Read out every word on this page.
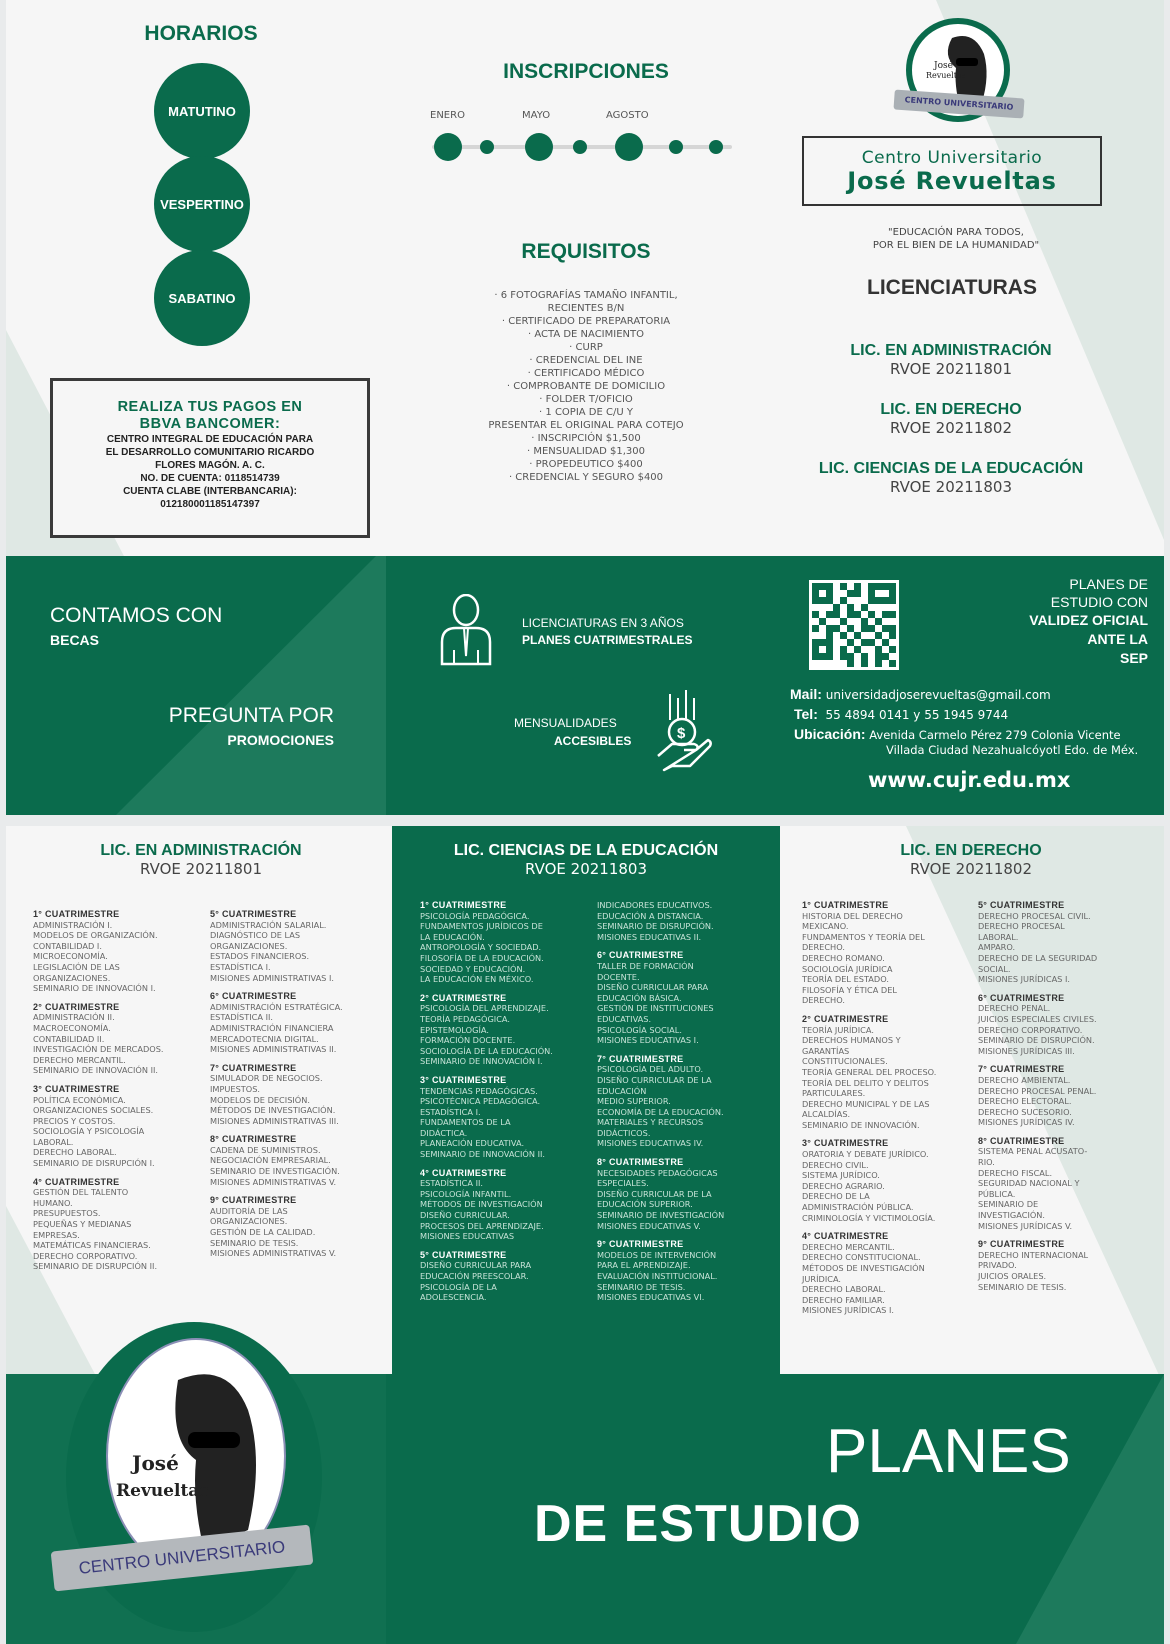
HORARIOS
MATUTINO
VESPERTINO
SABATINO
REALIZA TUS PAGOS EN
BBVA BANCOMER:
CENTRO INTEGRAL DE EDUCACIÓN PARA
EL DESARROLLO COMUNITARIO RICARDO
FLORES MAGÓN. A. C.
NO. DE CUENTA: 0118514739
CUENTA CLABE (INTERBANCARIA):
012180001185147397
INSCRIPCIONES
ENERO	MAYO	AGOSTO
REQUISITOS
· 6 FOTOGRAFÍAS TAMAÑO INFANTIL,
RECIENTES B/N
· CERTIFICADO DE PREPARATORIA
· ACTA DE NACIMIENTO
· CURP
· CREDENCIAL DEL INE
· CERTIFICADO MÉDICO
· COMPROBANTE DE DOMICILIO
· FOLDER T/OFICIO
· 1 COPIA DE C/U Y
PRESENTAR EL ORIGINAL PARA COTEJO
· INSCRIPCIÓN $1,500
· MENSUALIDAD $1,300
· PROPEDEUTICO $400
· CREDENCIAL Y SEGURO $400
José
Revueltas
CENTRO UNIVERSITARIO
Centro Universitario
José Revueltas
"EDUCACIÓN PARA TODOS,
POR EL BIEN DE LA HUMANIDAD"
LICENCIATURAS
LIC. EN ADMINISTRACIÓN
RVOE 20211801
LIC. EN DERECHO
RVOE 20211802
LIC. CIENCIAS DE LA EDUCACIÓN
RVOE 20211803
CONTAMOS CON
BECAS
PREGUNTA POR
PROMOCIONES
LICENCIATURAS EN 3 AÑOS
PLANES CUATRIMESTRALES
MENSUALIDADES
ACCESIBLES	$
PLANES DE
ESTUDIO CON
VALIDEZ OFICIAL
ANTE LA
SEP
Mail: universidadjoserevueltas@gmail.com
Tel: 55 4894 0141 y 55 1945 9744
Ubicación: Avenida Carmelo Pérez 279 Colonia Vicente
Villada Ciudad Nezahualcóyotl Edo. de Méx.
www.cujr.edu.mx
LIC. EN ADMINISTRACIÓN
RVOE 20211801
1° CUATRIMESTRE
ADMINISTRACIÓN I.
MODELOS DE ORGANIZACIÓN.
CONTABILIDAD I.
MICROECONOMÍA.
LEGISLACIÓN DE LAS
ORGANIZACIONES.
SEMINARIO DE INNOVACIÓN I.
2° CUATRIMESTRE
ADMINISTRACIÓN II.
MACROECONOMÍA.
CONTABILIDAD II.
INVESTIGACIÓN DE MERCADOS.
DERECHO MERCANTIL.
SEMINARIO DE INNOVACIÓN II.
3° CUATRIMESTRE
POLÍTICA ECONÓMICA.
ORGANIZACIONES SOCIALES.
PRECIOS Y COSTOS.
SOCIOLOGÍA Y PSICOLOGÍA
LABORAL.
DERECHO LABORAL.
SEMINARIO DE DISRUPCIÓN I.
4° CUATRIMESTRE
GESTIÓN DEL TALENTO
HUMANO.
PRESUPUESTOS.
PEQUEÑAS Y MEDIANAS
EMPRESAS.
MATEMÁTICAS FINANCIERAS.
DERECHO CORPORATIVO.
SEMINARIO DE DISRUPCIÓN II.
5° CUATRIMESTRE
ADMINISTRACIÓN SALARIAL.
DIAGNÓSTICO DE LAS
ORGANIZACIONES.
ESTADOS FINANCIEROS.
ESTADÍSTICA I.
MISIONES ADMINISTRATIVAS I.
6° CUATRIMESTRE
ADMINISTRACIÓN ESTRATÉGICA.
ESTADÍSTICA II.
ADMINISTRACIÓN FINANCIERA
MERCADOTECNIA DIGITAL.
MISIONES ADMINISTRATIVAS II.
7° CUATRIMESTRE
SIMULADOR DE NEGOCIOS.
IMPUESTOS.
MODELOS DE DECISIÓN.
MÉTODOS DE INVESTIGACIÓN.
MISIONES ADMINISTRATIVAS III.
8° CUATRIMESTRE
CADENA DE SUMINISTROS.
NEGOCIACIÓN EMPRESARIAL.
SEMINARIO DE INVESTIGACIÓN.
MISIONES ADMINISTRATIVAS V.
9° CUATRIMESTRE
AUDITORÍA DE LAS
ORGANIZACIONES.
GESTIÓN DE LA CALIDAD.
SEMINARIO DE TESIS.
MISIONES ADMINISTRATIVAS V.
LIC. CIENCIAS DE LA EDUCACIÓN
RVOE 20211803
1° CUATRIMESTRE
PSICOLOGÍA PEDAGÓGICA.
FUNDAMENTOS JURÍDICOS DE
LA EDUCACIÓN.
ANTROPOLOGÍA Y SOCIEDAD.
FILOSOFÍA DE LA EDUCACIÓN.
SOCIEDAD Y EDUCACIÓN.
LA EDUCACIÓN EN MÉXICO.
2° CUATRIMESTRE
PSICOLOGÍA DEL APRENDIZAJE.
TEORÍA PEDAGÓGICA.
EPISTEMOLOGÍA.
FORMACIÓN DOCENTE.
SOCIOLOGÍA DE LA EDUCACIÓN.
SEMINARIO DE INNOVACIÓN I.
3° CUATRIMESTRE
TENDENCIAS PEDAGÓGICAS.
PSICOTÉCNICA PEDAGÓGICA.
ESTADÍSTICA I.
FUNDAMENTOS DE LA
DIDÁCTICA.
PLANEACIÓN EDUCATIVA.
SEMINARIO DE INNOVACIÓN II.
4° CUATRIMESTRE
ESTADÍSTICA II.
PSICOLOGÍA INFANTIL.
MÉTODOS DE INVESTIGACIÓN
DISEÑO CURRICULAR.
PROCESOS DEL APRENDIZAJE.
MISIONES EDUCATIVAS
5° CUATRIMESTRE
DISEÑO CURRICULAR PARA
EDUCACIÓN PREESCOLAR.
PSICOLOGÍA DE LA
ADOLESCENCIA.
INDICADORES EDUCATIVOS.
EDUCACIÓN A DISTANCIA.
SEMINARIO DE DISRUPCIÓN.
MISIONES EDUCATIVAS II.
6° CUATRIMESTRE
TALLER DE FORMACIÓN
DOCENTE.
DISEÑO CURRICULAR PARA
EDUCACIÓN BÁSICA.
GESTIÓN DE INSTITUCIONES
EDUCATIVAS.
PSICOLOGÍA SOCIAL.
MISIONES EDUCATIVAS I.
7° CUATRIMESTRE
PSICOLOGÍA DEL ADULTO.
DISEÑO CURRICULAR DE LA
EDUCACIÓN
MEDIO SUPERIOR.
ECONOMÍA DE LA EDUCACIÓN.
MATERIALES Y RECURSOS
DIDÁCTICOS.
MISIONES EDUCATIVAS IV.
8° CUATRIMESTRE
NECESIDADES PEDAGÓGICAS
ESPECIALES.
DISEÑO CURRICULAR DE LA
EDUCACIÓN SUPERIOR.
SEMINARIO DE INVESTIGACIÓN
MISIONES EDUCATIVAS V.
9° CUATRIMESTRE
MODELOS DE INTERVENCIÓN
PARA EL APRENDIZAJE.
EVALUACIÓN INSTITUCIONAL.
SEMINARIO DE TESIS.
MISIONES EDUCATIVAS VI.
LIC. EN DERECHO
RVOE 20211802
1° CUATRIMESTRE
HISTORIA DEL DERECHO
MEXICANO.
FUNDAMENTOS Y TEORÍA DEL
DERECHO.
DERECHO ROMANO.
SOCIOLOGÍA JURÍDICA
TEORÍA DEL ESTADO.
FILOSOFÍA Y ÉTICA DEL
DERECHO.
2° CUATRIMESTRE
TEORÍA JURÍDICA.
DERECHOS HUMANOS Y
GARANTÍAS
CONSTITUCIONALES.
TEORÍA GENERAL DEL PROCESO.
TEORÍA DEL DELITO Y DELITOS
PARTICULARES.
DERECHO MUNICIPAL Y DE LAS
ALCALDÍAS.
SEMINARIO DE INNOVACIÓN.
3° CUATRIMESTRE
ORATORIA Y DEBATE JURÍDICO.
DERECHO CIVIL.
SISTEMA JURÍDICO.
DERECHO AGRARIO.
DERECHO DE LA
ADMINISTRACIÓN PÚBLICA.
CRIMINOLOGÍA Y VICTIMOLOGÍA.
4° CUATRIMESTRE
DERECHO MERCANTIL.
DERECHO CONSTITUCIONAL.
MÉTODOS DE INVESTIGACIÓN
JURÍDICA.
DERECHO LABORAL.
DERECHO FAMILIAR.
MISIONES JURÍDICAS I.
5° CUATRIMESTRE
DERECHO PROCESAL CIVIL.
DERECHO PROCESAL
LABORAL.
AMPARO.
DERECHO DE LA SEGURIDAD
SOCIAL.
MISIONES JURÍDICAS I.
6° CUATRIMESTRE
DERECHO PENAL.
JUICIOS ESPECIALES CIVILES.
DERECHO CORPORATIVO.
SEMINARIO DE DISRUPCIÓN.
MISIONES JURÍDICAS III.
7° CUATRIMESTRE
DERECHO AMBIENTAL.
DERECHO PROCESAL PENAL.
DERECHO ELECTORAL.
DERECHO SUCESORIO.
MISIONES JURÍDICAS IV.
8° CUATRIMESTRE
SISTEMA PENAL ACUSATO-
RIO.
DERECHO FISCAL.
SEGURIDAD NACIONAL Y
PÚBLICA.
SEMINARIO DE
INVESTIGACIÓN.
MISIONES JURÍDICAS V.
9° CUATRIMESTRE
DERECHO INTERNACIONAL
PRIVADO.
JUICIOS ORALES.
SEMINARIO DE TESIS.
José
Revueltas
CENTRO UNIVERSITARIO
PLANES
DE ESTUDIO
